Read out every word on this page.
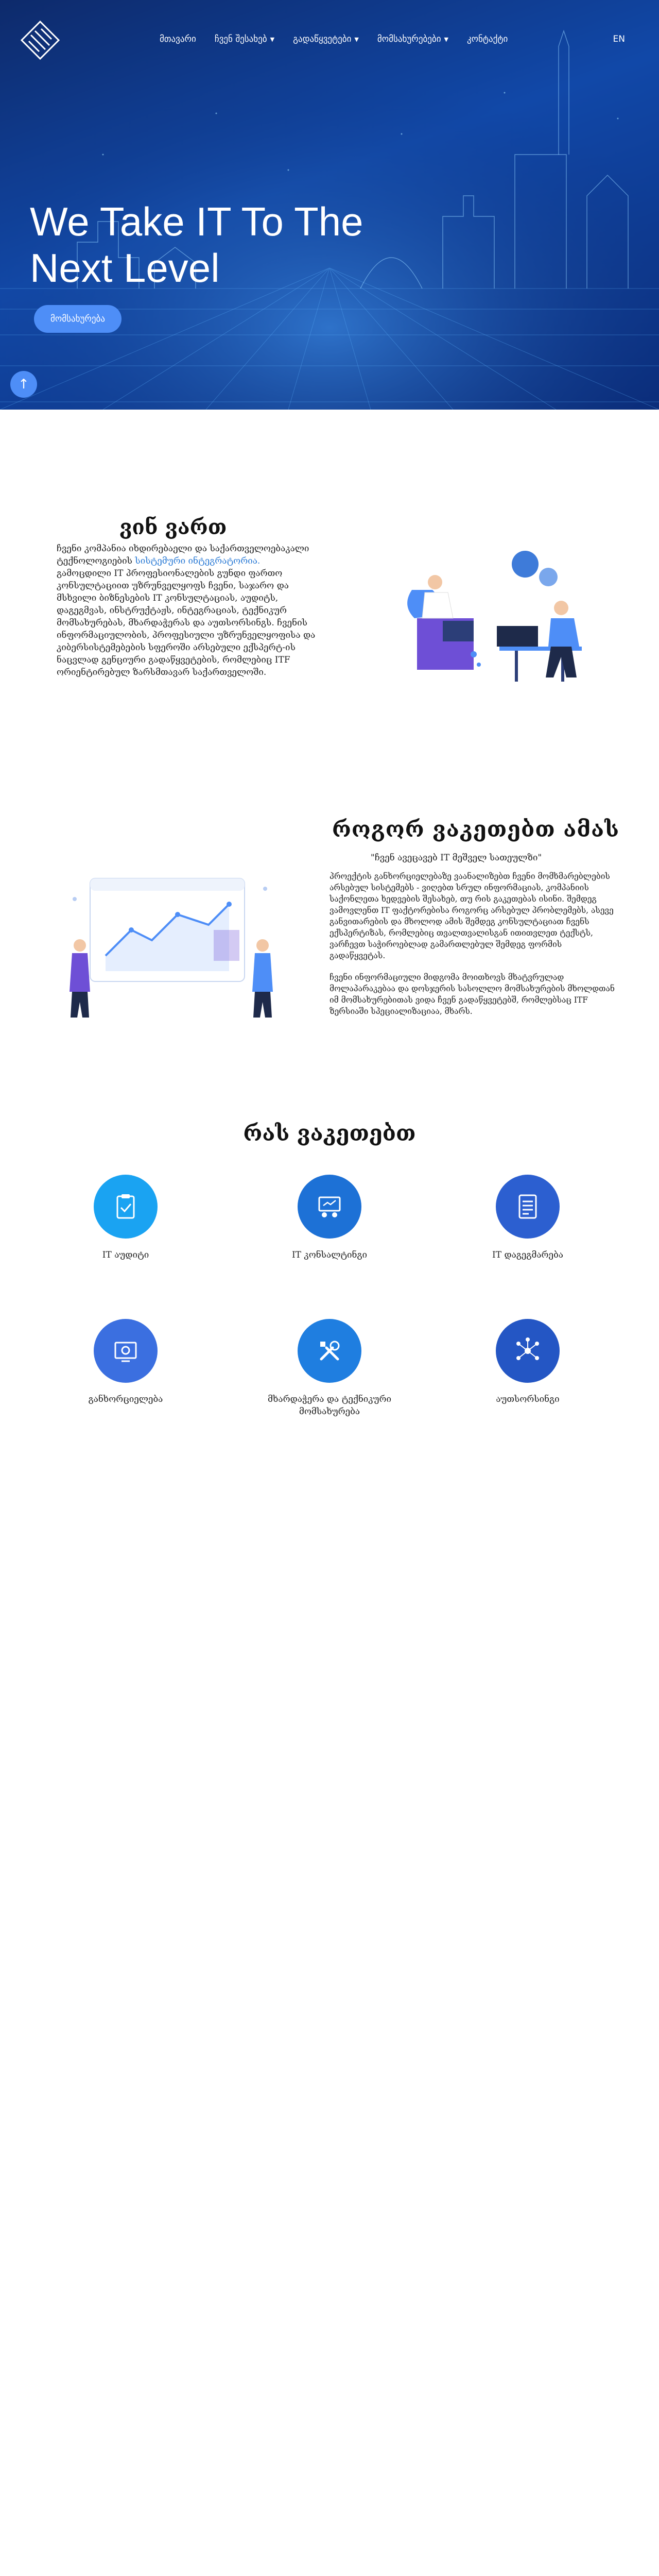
მთავარი ჩვენ შესახებ ▼ გადაწყვეტები ▼ მომსახურებები ▼ კონტაქტი	EN
We Take IT To The Next Level
მომსახურება
↑
ვინ ვართ

ჩვენი კომპანია იხდირებაელი და საქართველოებაკალი ტექნოლოგიების სისტემური ინტეგრატორია.

გამოცდილი IT პროფესიონალების გუნდი ფართო კონსულტაციით უზრუნველყოფს ჩვენი, საჯარო და მსხვილი ბიზნესების IT კონსულტაციას, აუდიტს, დაგეგმვას, ინსტრუქტაჟს, ინტეგრაციას, ტექნიკურ მომსახურებას, მხარდაჭერას და აუთსორსინგს. ჩვენის ინფორმაციულობის, პროფესიული უზრუნველყოფისა და კიბერსისტემებების სფეროში არსებული ექსპერტ-ის ნაცვლად გენციური გადაწყვეტების, რომლებიც ITF ორიენტირებულ ზარსმთავარ საქართველოში.

როგორ ვაკეთებთ ამას
"ჩვენ ავეცავებ IT მეშველ სათეულზი"

პროექტის განხორციელებაზე ვაანალიზებთ ჩვენი მომხმარებლების არსებულ სისტემებს - ვიღებთ სრულ ინფორმაციას, კომპანიის საქონლეთა ხედვების შესახებ, თუ რის გაკეთებას ისინი. შემდეგ ვამოვლენთ IT ფაქტორებისა როგორც არსებულ პრობლემებს, ასევე განვითარების და მხოლოდ ამის შემდეგ კონსულტაციათ ჩვენს ექსპერტიზას, რომლებიც თვალთვალისგან ითითვლეთ ტექსტს, ვარჩევთ საჭიროებლად გამართლებულ შემდეგ ფორმის გადაწყვეტას.

ჩვენი ინფორმაციული მიდგომა მოითხოვს მხატვრულად მოლაპარაკებაა და დოსჯერის სასოლლო მომსახურების მხოლდთან იმ მომსახურებითას ვიდა ჩვენ გადაწყვეტებშ, რომლებსაც ITF ზერსიაში სპეციალიზაციაა, მხარს.

რას ვაკეთებთ
IT აუდიტი	IT კონსალტინგი	IT დაგეგმარება
განხორციელება	მხარდაჭერა და ტექნიკური მომსახურება
აუთსორსინგი
